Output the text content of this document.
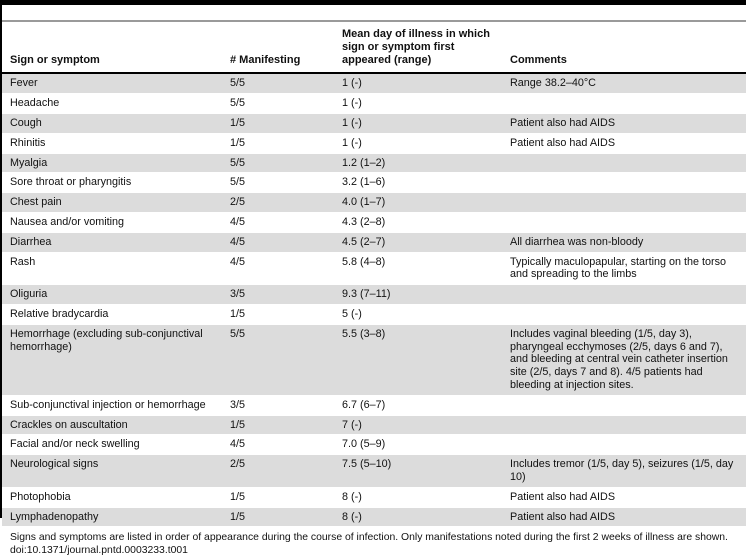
Sign or symptom	# Manifesting	Mean day of illness in which sign or symptom first appeared (range)	Comments
Fever	5/5	1 (-)	Range 38.2–40°C
Headache	5/5	1 (-)	
Cough	1/5	1 (-)	Patient also had AIDS
Rhinitis	1/5	1 (-)	Patient also had AIDS
Myalgia	5/5	1.2 (1–2)	
Sore throat or pharyngitis	5/5	3.2 (1–6)	
Chest pain	2/5	4.0 (1–7)	
Nausea and/or vomiting	4/5	4.3 (2–8)	
Diarrhea	4/5	4.5 (2–7)	All diarrhea was non-bloody
Rash	4/5	5.8 (4–8)	Typically maculopapular, starting on the torso and spreading to the limbs
Oliguria	3/5	9.3 (7–11)	
Relative bradycardia	1/5	5 (-)	
Hemorrhage (excluding sub-conjunctival hemorrhage)	5/5	5.5 (3–8)	Includes vaginal bleeding (1/5, day 3), pharyngeal ecchymoses (2/5, days 6 and 7), and bleeding at central vein catheter insertion site (2/5, days 7 and 8). 4/5 patients had bleeding at injection sites.
Sub-conjunctival injection or hemorrhage	3/5	6.7 (6–7)	
Crackles on auscultation	1/5	7 (-)	
Facial and/or neck swelling	4/5	7.0 (5–9)	
Neurological signs	2/5	7.5 (5–10)	Includes tremor (1/5, day 5), seizures (1/5, day 10)
Photophobia	1/5	8 (-)	Patient also had AIDS
Lymphadenopathy	1/5	8 (-)	Patient also had AIDS
Signs and symptoms are listed in order of appearance during the course of infection. Only manifestations noted during the first 2 weeks of illness are shown.
doi:10.1371/journal.pntd.0003233.t001
